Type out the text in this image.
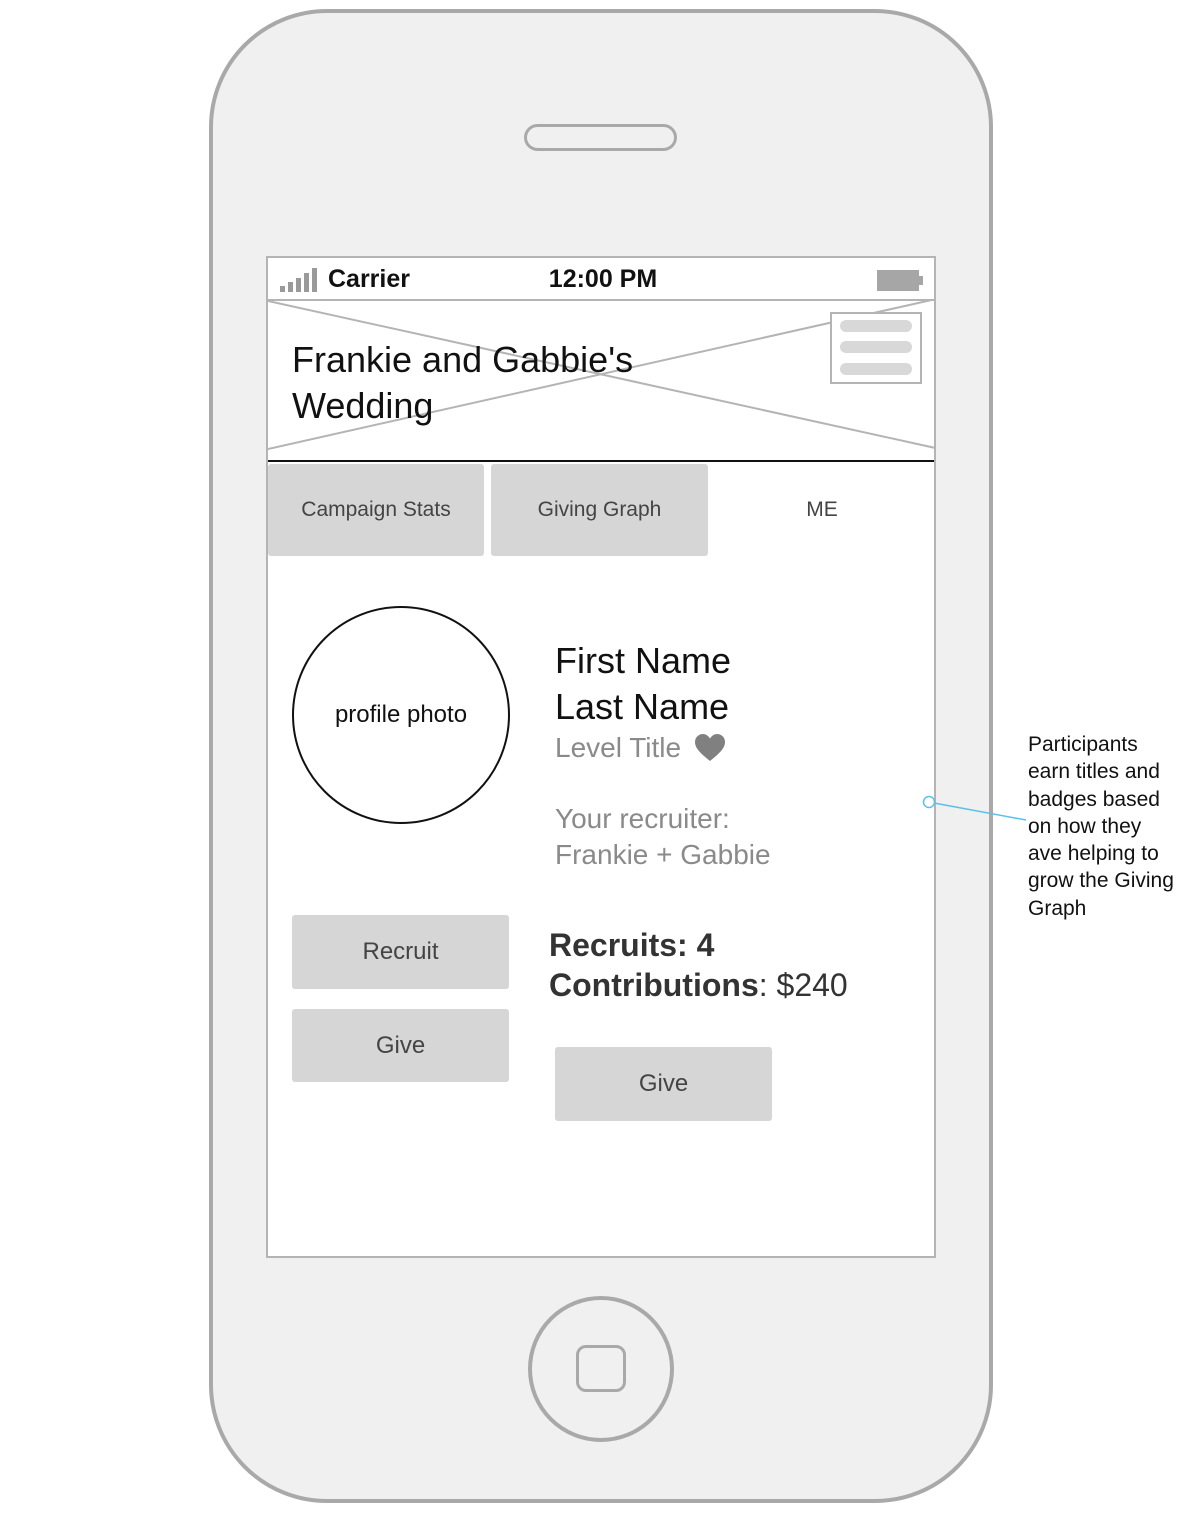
Carrier	12:00 PM
Frankie and Gabbie's Wedding
Campaign Stats	Giving Graph	ME
profile photo
First Name
Last Name
Level Title
Your recruiter:
Frankie + Gabbie
Recruit
Give
Recruits: 4
Contributions: $240
Give
Participants
earn titles and
badges based
on how they
ave helping to
grow the Giving
Graph
